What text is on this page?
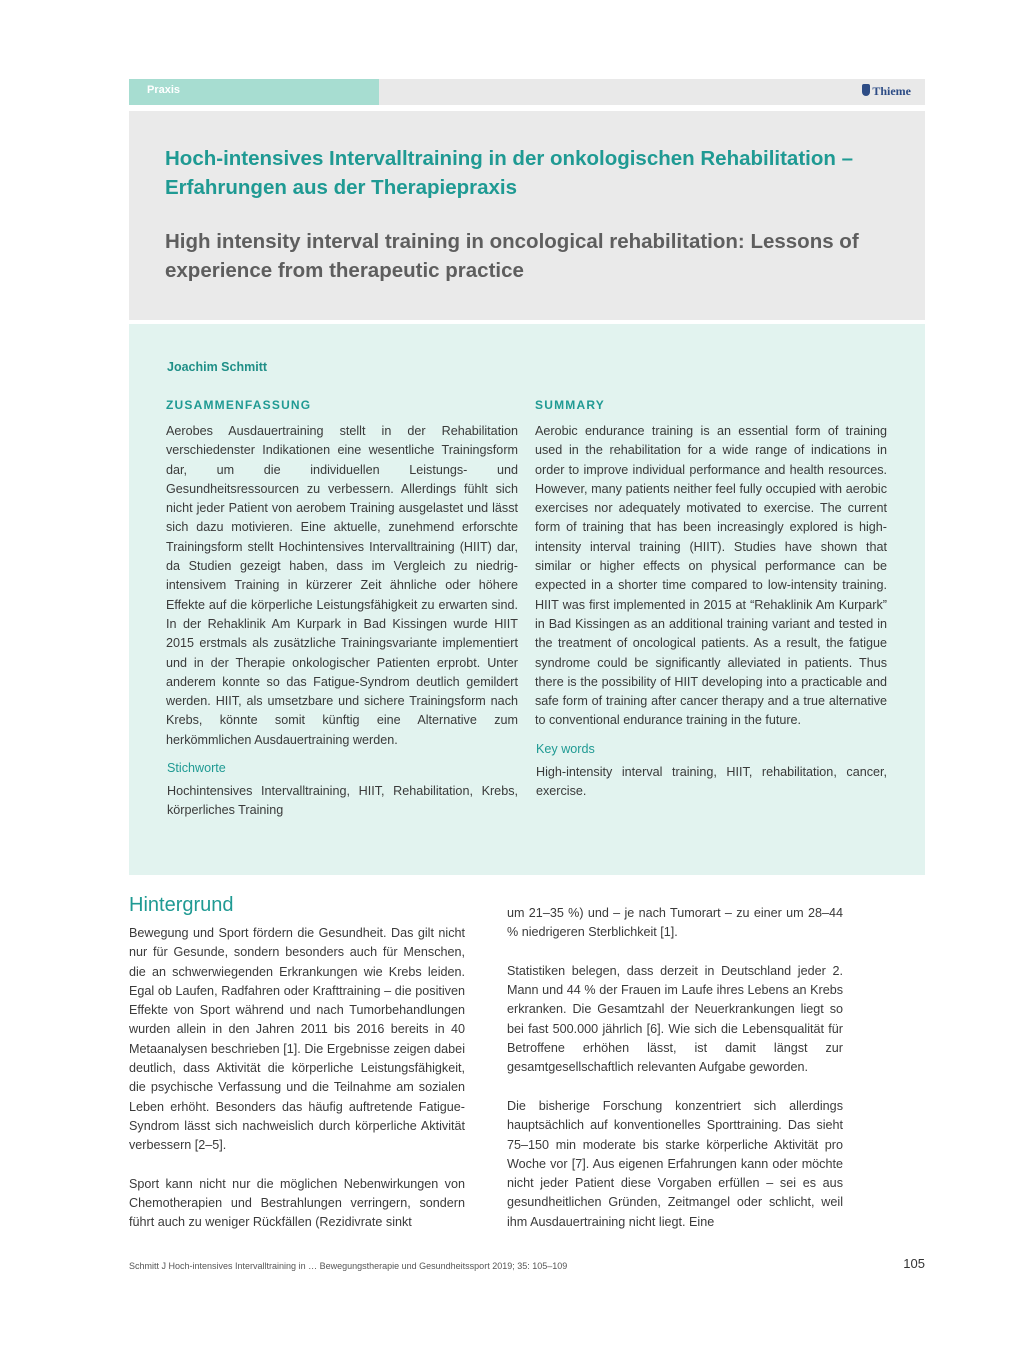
Praxis	Thieme
Hoch-intensives Intervalltraining in der onkologischen Rehabilitation – Erfahrungen aus der Therapiepraxis
High intensity interval training in oncological rehabilitation: Lessons of experience from therapeutic practice
Joachim Schmitt
ZUSAMMENFASSUNG

Aerobes Ausdauertraining stellt in der Rehabilitation verschiedenster Indikationen eine wesentliche Trainingsform dar, um die individuellen Leistungs- und Gesundheitsressourcen zu verbessern. Allerdings fühlt sich nicht jeder Patient von aerobem Training ausgelastet und lässt sich dazu motivieren. Eine aktuelle, zunehmend erforschte Trainingsform stellt Hochintensives Intervalltraining (HIIT) dar, da Studien gezeigt haben, dass im Vergleich zu niedrig-intensivem Training in kürzerer Zeit ähnliche oder höhere Effekte auf die körperliche Leistungsfähigkeit zu erwarten sind. In der Rehaklinik Am Kurpark in Bad Kissingen wurde HIIT 2015 erstmals als zusätzliche Trainingsvariante implementiert und in der Therapie onkologischer Patienten erprobt. Unter anderem konnte so das Fatigue-Syndrom deutlich gemildert werden. HIIT, als umsetzbare und sichere Trainingsform nach Krebs, könnte somit künftig eine Alternative zum herkömmlichen Ausdauertraining werden.

Stichworte

Hochintensives Intervalltraining, HIIT, Rehabilitation, Krebs, körperliches Training

SUMMARY

Aerobic endurance training is an essential form of training used in the rehabilitation for a wide range of indications in order to improve individual performance and health resources. However, many patients neither feel fully occupied with aerobic exercises nor adequately motivated to exercise. The current form of training that has been increasingly explored is high-intensity interval training (HIIT). Studies have shown that similar or higher effects on physical performance can be expected in a shorter time compared to low-intensity training. HIIT was first implemented in 2015 at “Rehaklinik Am Kurpark” in Bad Kissingen as an additional training variant and tested in the treatment of oncological patients. As a result, the fatigue syndrome could be significantly alleviated in patients. Thus there is the possibility of HIIT developing into a practicable and safe form of training after cancer therapy and a true alternative to conventional endurance training in the future.

Key words

High-intensity interval training, HIIT, rehabilitation, cancer, exercise.

Hintergrund

Bewegung und Sport fördern die Gesundheit. Das gilt nicht nur für Gesunde, sondern besonders auch für Menschen, die an schwerwiegenden Erkrankungen wie Krebs leiden. Egal ob Laufen, Radfahren oder Krafttraining – die positiven Effekte von Sport während und nach Tumorbehandlungen wurden allein in den Jahren 2011 bis 2016 bereits in 40 Metaanalysen beschrieben [1]. Die Ergebnisse zeigen dabei deutlich, dass Aktivität die körperliche Leistungsfähigkeit, die psychische Verfassung und die Teilnahme am sozialen Leben erhöht. Besonders das häufig auftretende Fatigue-Syndrom lässt sich nachweislich durch körperliche Aktivität verbessern [2–5].

Sport kann nicht nur die möglichen Nebenwirkungen von Chemotherapien und Bestrahlungen verringern, sondern führt auch zu weniger Rückfällen (Rezidivrate sinkt

um 21–35 %) und – je nach Tumorart – zu einer um 28–44 % niedrigeren Sterblichkeit [1].

Statistiken belegen, dass derzeit in Deutschland jeder 2. Mann und 44 % der Frauen im Laufe ihres Lebens an Krebs erkranken. Die Gesamtzahl der Neuerkrankungen liegt so bei fast 500.000 jährlich [6]. Wie sich die Lebensqualität für Betroffene erhöhen lässt, ist damit längst zur gesamtgesellschaftlich relevanten Aufgabe geworden.

Die bisherige Forschung konzentriert sich allerdings hauptsächlich auf konventionelles Sporttraining. Das sieht 75–150 min moderate bis starke körperliche Aktivität pro Woche vor [7]. Aus eigenen Erfahrungen kann oder möchte nicht jeder Patient diese Vorgaben erfüllen – sei es aus gesundheitlichen Gründen, Zeitmangel oder schlicht, weil ihm Ausdauertraining nicht liegt. Eine

Schmitt J Hoch-intensives Intervalltraining in … Bewegungstherapie und Gesundheitssport 2019; 35: 105–109	105
